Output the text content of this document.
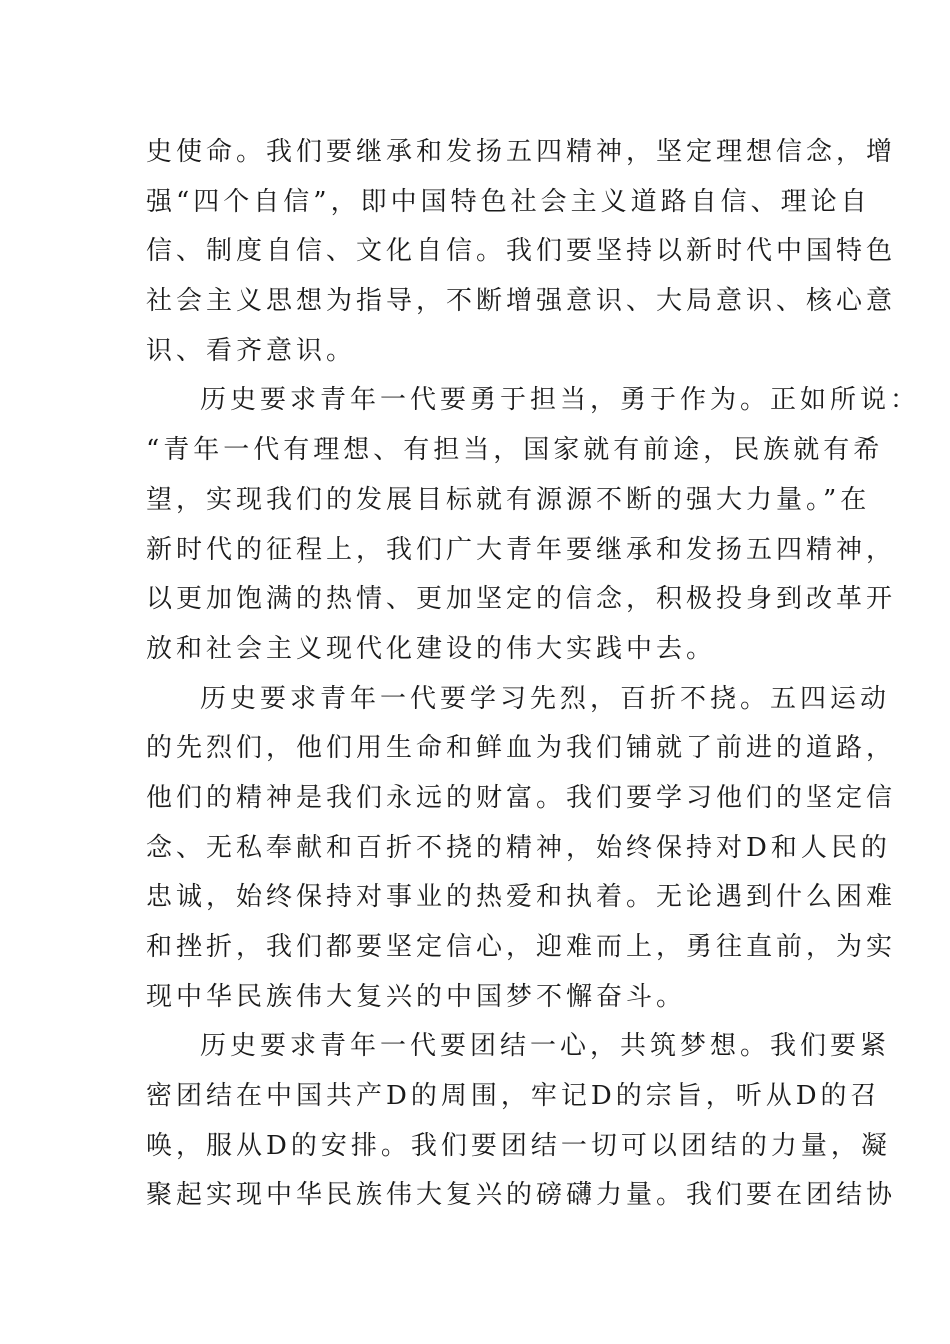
史使命。我们要继承和发扬五四精神，坚定理想信念，增
强“四个自信”，即中国特色社会主义道路自信、理论自
信、制度自信、文化自信。我们要坚持以新时代中国特色
社会主义思想为指导，不断增强意识、大局意识、核心意
识、看齐意识。
历史要求青年一代要勇于担当，勇于作为。正如所说：
“青年一代有理想、有担当，国家就有前途，民族就有希
望，实现我们的发展目标就有源源不断的强大力量。”在
新时代的征程上，我们广大青年要继承和发扬五四精神，
以更加饱满的热情、更加坚定的信念，积极投身到改革开
放和社会主义现代化建设的伟大实践中去。
历史要求青年一代要学习先烈，百折不挠。五四运动
的先烈们，他们用生命和鲜血为我们铺就了前进的道路，
他们的精神是我们永远的财富。我们要学习他们的坚定信
念、无私奉献和百折不挠的精神，始终保持对D和人民的
忠诚，始终保持对事业的热爱和执着。无论遇到什么困难
和挫折，我们都要坚定信心，迎难而上，勇往直前，为实
现中华民族伟大复兴的中国梦不懈奋斗。
历史要求青年一代要团结一心，共筑梦想。我们要紧
密团结在中国共产D的周围，牢记D的宗旨，听从D的召
唤，服从D的安排。我们要团结一切可以团结的力量，凝
聚起实现中华民族伟大复兴的磅礴力量。我们要在团结协
